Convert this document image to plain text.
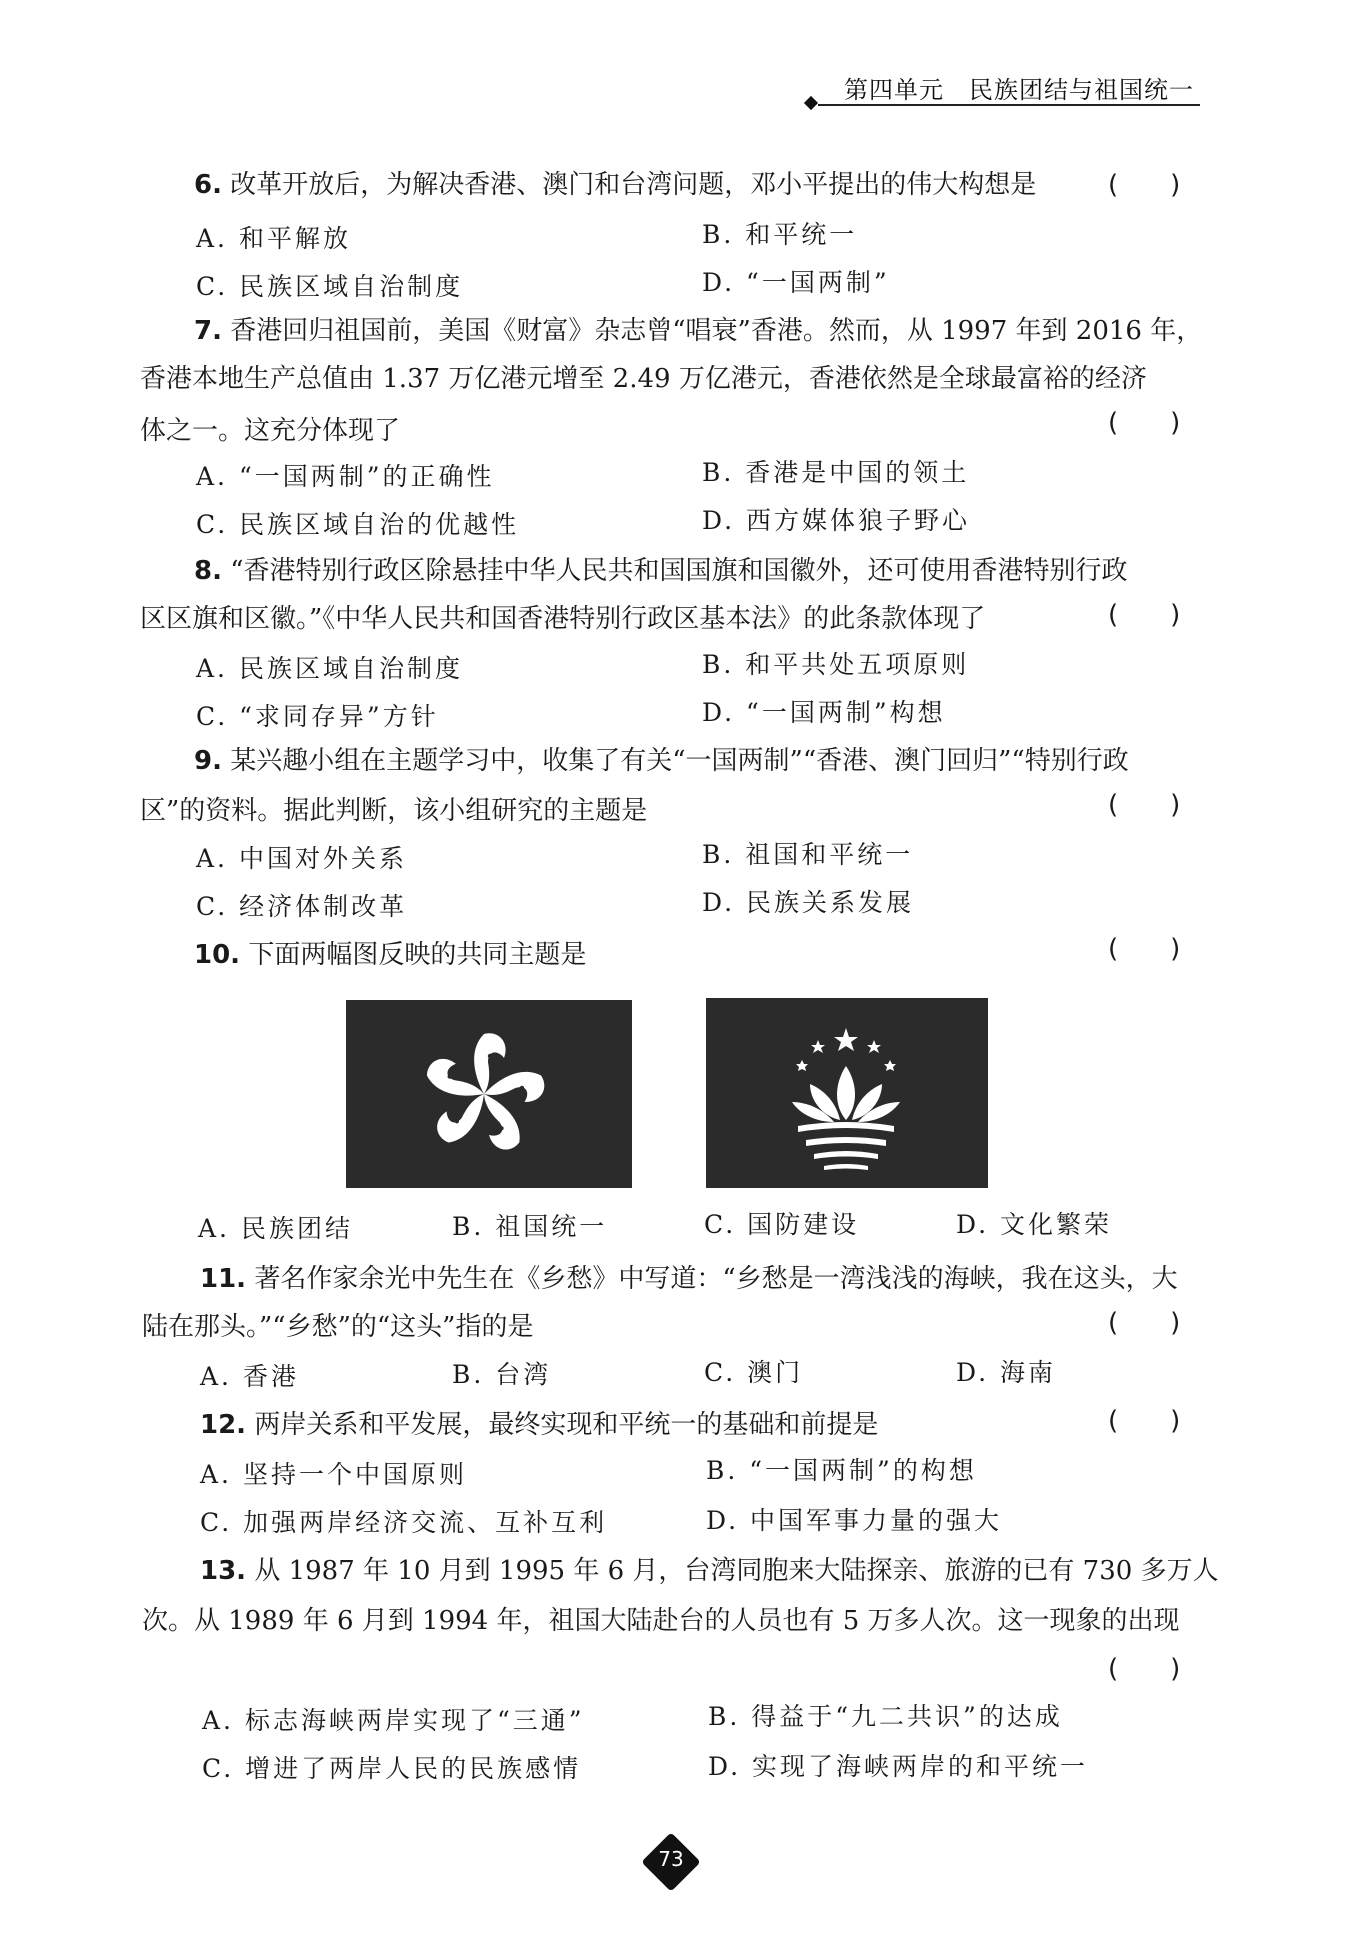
第四单元　民族团结与祖国统一
6. 改革开放后，为解决香港、澳门和台湾问题，邓小平提出的伟大构想是	(　　)
A. 和平解放	B. 和平统一
C. 民族区域自治制度	D. “一国两制”
7. 香港回归祖国前，美国《财富》杂志曾“唱衰”香港。然而，从 1997 年到 2016 年，
香港本地生产总值由 1.37 万亿港元增至 2.49 万亿港元，香港依然是全球最富裕的经济
体之一。这充分体现了	(　　)
A. “一国两制”的正确性	B. 香港是中国的领土
C. 民族区域自治的优越性	D. 西方媒体狼子野心
8. “香港特别行政区除悬挂中华人民共和国国旗和国徽外，还可使用香港特别行政
区区旗和区徽。”《中华人民共和国香港特别行政区基本法》的此条款体现了	(　　)
A. 民族区域自治制度	B. 和平共处五项原则
C. “求同存异”方针	D. “一国两制”构想
9. 某兴趣小组在主题学习中，收集了有关“一国两制”“香港、澳门回归”“特别行政
区”的资料。据此判断，该小组研究的主题是	(　　)
A. 中国对外关系	B. 祖国和平统一
C. 经济体制改革	D. 民族关系发展
10. 下面两幅图反映的共同主题是	(　　)
A. 民族团结	B. 祖国统一	C. 国防建设	D. 文化繁荣
11. 著名作家余光中先生在《乡愁》中写道：“乡愁是一湾浅浅的海峡，我在这头，大
陆在那头。”“乡愁”的“这头”指的是	(　　)
A. 香港	B. 台湾	C. 澳门	D. 海南
12. 两岸关系和平发展，最终实现和平统一的基础和前提是	(　　)
A. 坚持一个中国原则	B. “一国两制”的构想
C. 加强两岸经济交流、互补互利	D. 中国军事力量的强大
13. 从 1987 年 10 月到 1995 年 6 月，台湾同胞来大陆探亲、旅游的已有 730 多万人
次。从 1989 年 6 月到 1994 年，祖国大陆赴台的人员也有 5 万多人次。这一现象的出现
(　　)
A. 标志海峡两岸实现了“三通”	B. 得益于“九二共识”的达成
C. 增进了两岸人民的民族感情	D. 实现了海峡两岸的和平统一
73
